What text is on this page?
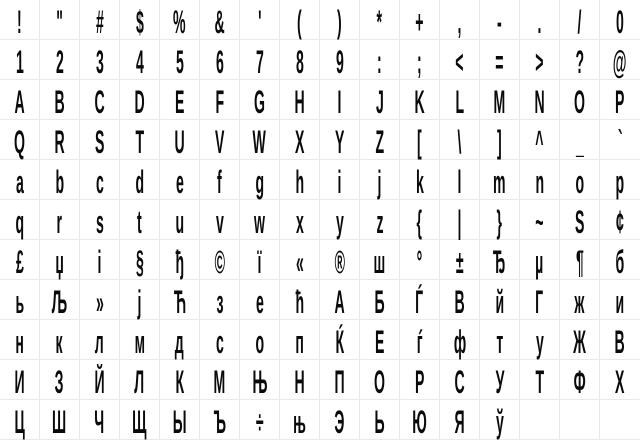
! " # $ % & ' ( ) * + , - . / 0
1 2 3 4 5 6 7 8 9 : ; < = > ? @
A B C D E F G H I J K L M N O P
Q R S T U V W X Y Z [ \ ] ^ _ `
a b c d e f g h i j k l m n o p
q r s t u v w x y z { | } ~ Ѕ ¢
£ џ і § ђ © ї « ® ш ° ± Ђ µ ¶ б
ь Љ » ј Ћ з е ћ А Б Ѓ В й Г ж и
н к л м д с о п Ќ Е ѓ ф т у Ж В
И З Й Л К М Њ Н П О Р С У Т Ф Х
Ц Ш Ч Щ Ы Ъ ÷ њ Э Ь Ю Я ў
